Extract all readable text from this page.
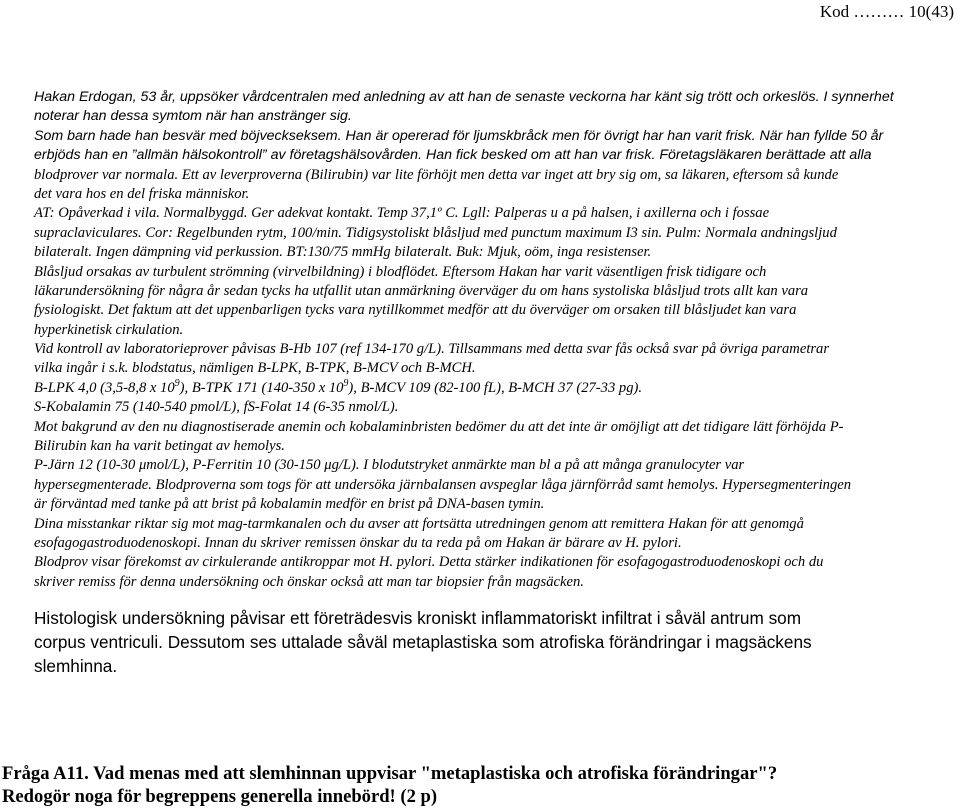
Kod ……… 10(43)
Hakan Erdogan, 53 år, uppsöker vårdcentralen med anledning av att han de senaste veckorna har känt sig trött och orkeslös. I synnerhet
noterar han dessa symtom när han anstränger sig.
Som barn hade han besvär med böjveckseksem. Han är opererad för ljumskbråck men för övrigt har han varit frisk. När han fyllde 50 år
erbjöds han en ”allmän hälsokontroll” av företagshälsovården. Han fick besked om att han var frisk. Företagsläkaren berättade att alla
blodprover var normala. Ett av leverproverna (Bilirubin) var lite förhöjt men detta var inget att bry sig om, sa läkaren, eftersom så kunde
det vara hos en del friska människor.
AT: Opåverkad i vila. Normalbyggd. Ger adekvat kontakt. Temp 37,1º C. Lgll: Palperas u a på halsen, i axillerna och i fossae
supraclaviculares. Cor: Regelbunden rytm, 100/min. Tidigsystoliskt blåsljud med punctum maximum I3 sin. Pulm: Normala andningsljud
bilateralt. Ingen dämpning vid perkussion. BT:130/75 mmHg bilateralt. Buk: Mjuk, oöm, inga resistenser.
Blåsljud orsakas av turbulent strömning (virvelbildning) i blodflödet. Eftersom Hakan har varit väsentligen frisk tidigare och
läkarundersökning för några år sedan tycks ha utfallit utan anmärkning överväger du om hans systoliska blåsljud trots allt kan vara
fysiologiskt. Det faktum att det uppenbarligen tycks vara nytillkommet medför att du överväger om orsaken till blåsljudet kan vara
hyperkinetisk cirkulation.
Vid kontroll av laboratorieprover påvisas B-Hb 107 (ref 134-170 g/L). Tillsammans med detta svar fås också svar på övriga parametrar
vilka ingår i s.k. blodstatus, nämligen B-LPK, B-TPK, B-MCV och B-MCH.
B-LPK 4,0 (3,5-8,8 x $10^9$), B-TPK 171 (140-350 x $10^9$), B-MCV 109 (82-100 fL), B-MCH 37 (27-33 pg).
S-Kobalamin 75 (140-540 pmol/L), fS-Folat 14 (6-35 nmol/L).
Mot bakgrund av den nu diagnostiserade anemin och kobalaminbristen bedömer du att det inte är omöjligt att det tidigare lätt förhöjda P-
Bilirubin kan ha varit betingat av hemolys.
P-Järn 12 (10-30 μmol/L), P-Ferritin 10 (30-150 μg/L). I blodutstryket anmärkte man bl a på att många granulocyter var
hypersegmenterade. Blodproverna som togs för att undersöka järnbalansen avspeglar låga järnförråd samt hemolys. Hypersegmenteringen
är förväntad med tanke på att brist på kobalamin medför en brist på DNA-basen tymin.
Dina misstankar riktar sig mot mag-tarmkanalen och du avser att fortsätta utredningen genom att remittera Hakan för att genomgå
esofagogastroduodenoskopi. Innan du skriver remissen önskar du ta reda på om Hakan är bärare av H. pylori.
Blodprov visar förekomst av cirkulerande antikroppar mot H. pylori. Detta stärker indikationen för esofagogastroduodenoskopi och du
skriver remiss för denna undersökning och önskar också att man tar biopsier från magsäcken.
Histologisk undersökning påvisar ett företrädesvis kroniskt inflammatoriskt infiltrat i såväl antrum som
corpus ventriculi. Dessutom ses uttalade såväl metaplastiska som atrofiska förändringar i magsäckens
slemhinna.
Fråga A11. Vad menas med att slemhinnan uppvisar "metaplastiska och atrofiska förändringar"?
Redogör noga för begreppens generella innebörd! (2 p)
